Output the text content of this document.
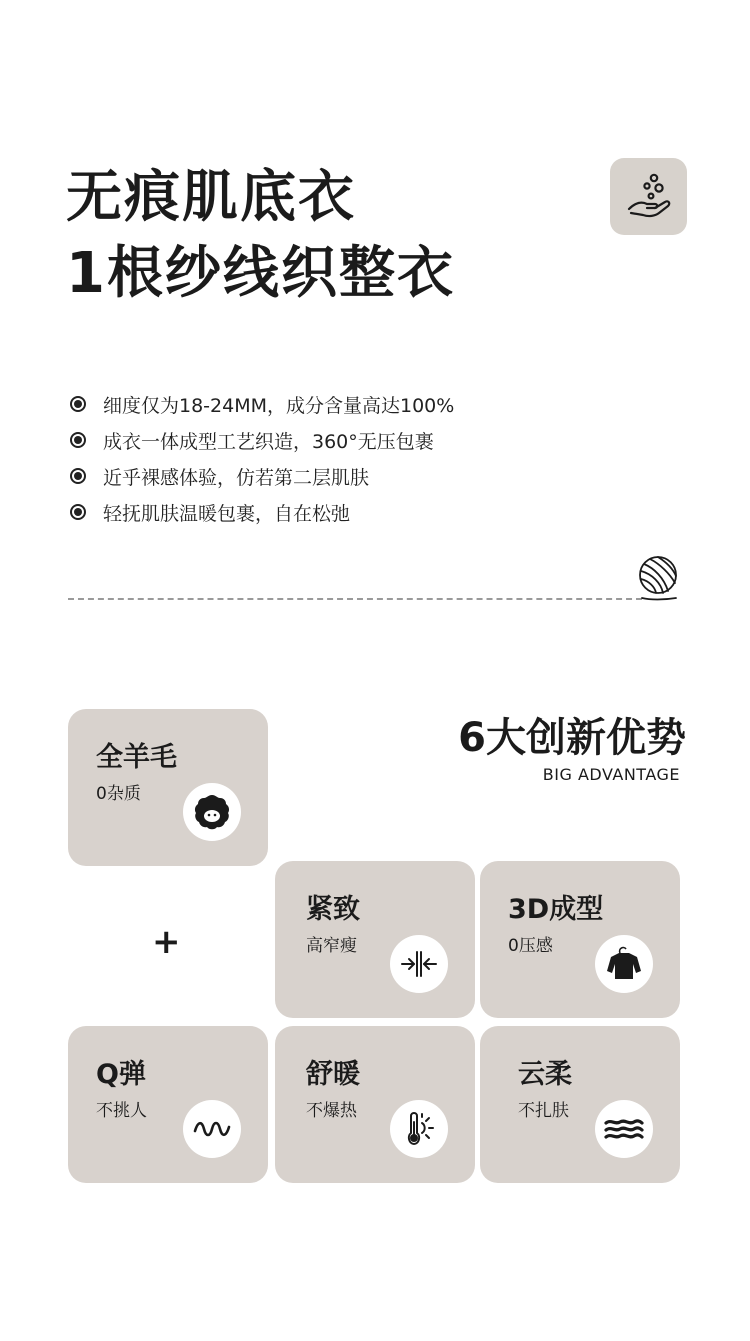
无痕肌底衣
1根纱线织整衣
细度仅为18-24MM，成分含量高达100%
成衣一体成型工艺织造，360°无压包裹
近乎裸感体验，仿若第二层肌肤
轻抚肌肤温暖包裹，自在松弛
6大创新优势
BIG ADVANTAGE
全羊毛
0杂质
+
紧致
高窄瘦
3D成型
0压感
Q弹
不挑人
舒暖
不爆热
云柔
不扎肤
